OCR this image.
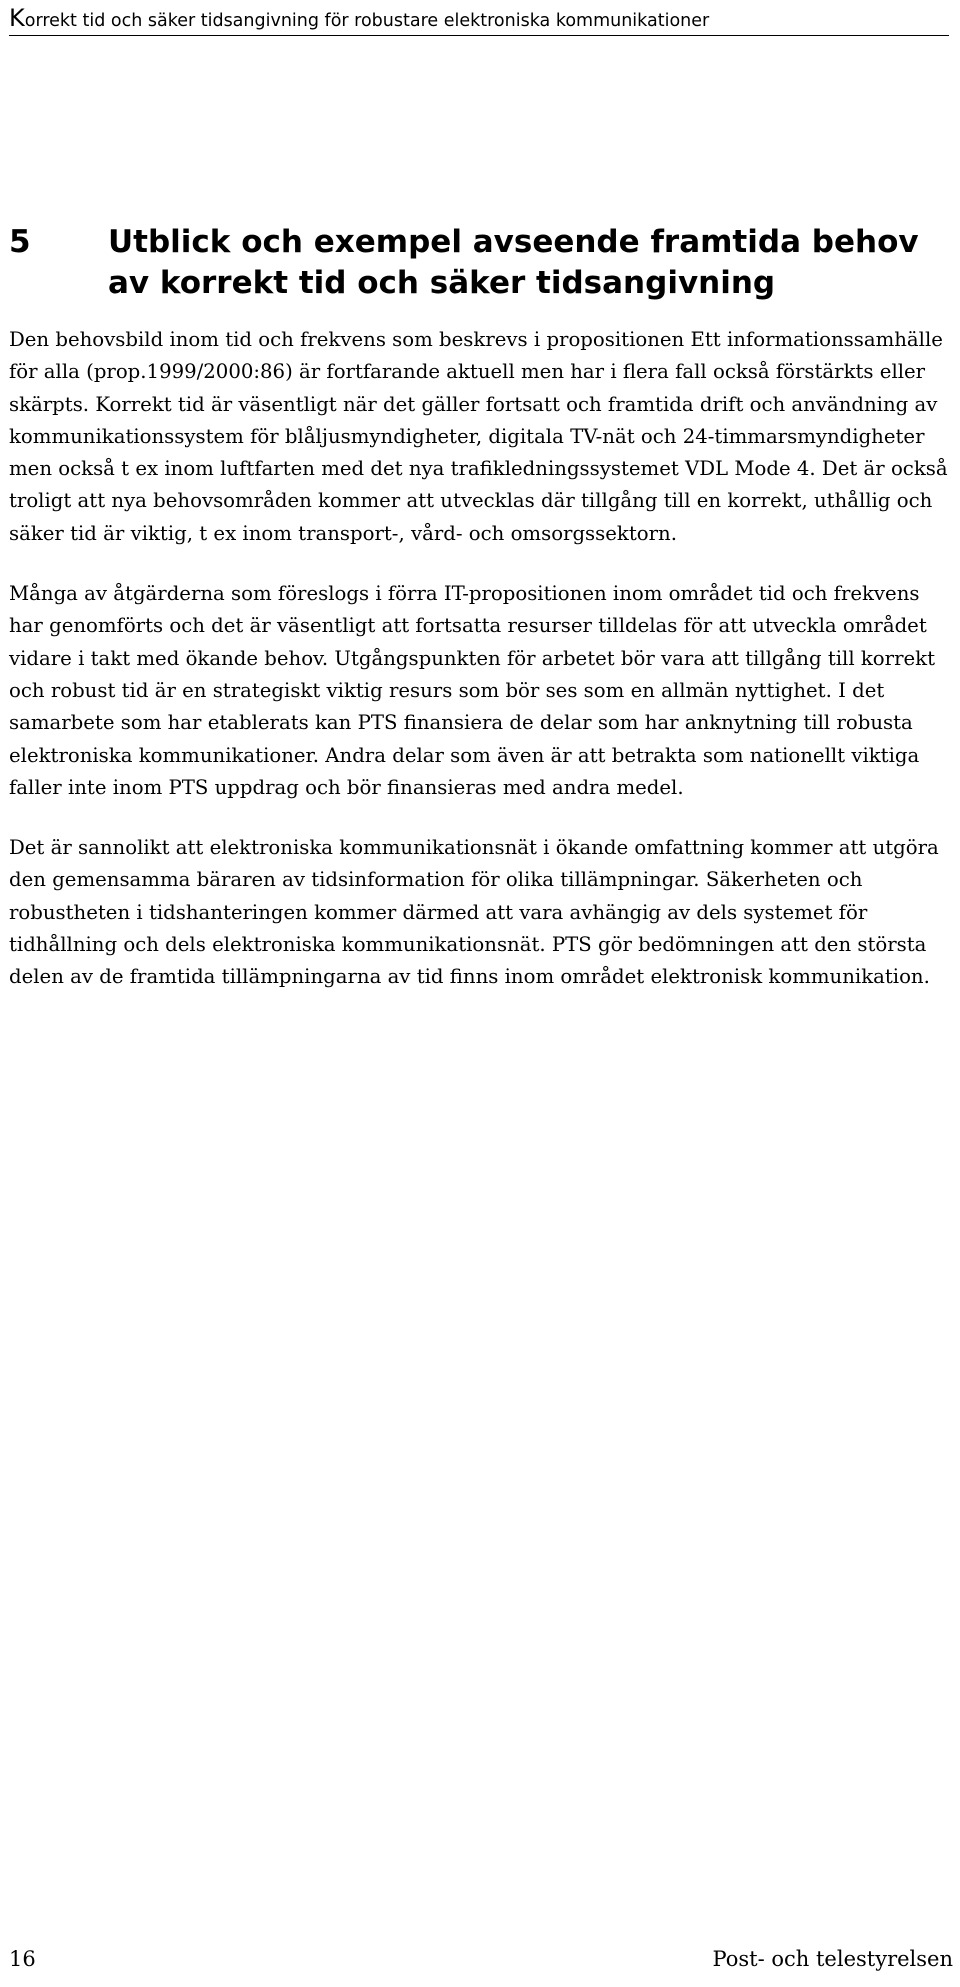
Korrekt tid och säker tidsangivning för robustare elektroniska kommunikationer
5	Utblick och exempel avseende framtida behov av korrekt tid och säker tidsangivning

Den behovsbild inom tid och frekvens som beskrevs i propositionen Ett informationssamhälle för alla (prop.1999/2000:86) är fortfarande aktuell men har i flera fall också förstärkts eller skärpts. Korrekt tid är väsentligt när det gäller fortsatt och framtida drift och användning av kommunikationssystem för blåljusmyndigheter, digitala TV-nät och 24-timmarsmyndigheter men också t ex inom luftfarten med det nya trafikledningssystemet VDL Mode 4. Det är också troligt att nya behovsområden kommer att utvecklas där tillgång till en korrekt, uthållig och säker tid är viktig, t ex inom transport-, vård- och omsorgssektorn.

Många av åtgärderna som föreslogs i förra IT-propositionen inom området tid och frekvens har genomförts och det är väsentligt att fortsatta resurser tilldelas för att utveckla området vidare i takt med ökande behov. Utgångspunkten för arbetet bör vara att tillgång till korrekt och robust tid är en strategiskt viktig resurs som bör ses som en allmän nyttighet. I det samarbete som har etablerats kan PTS finansiera de delar som har anknytning till robusta elektroniska kommunikationer. Andra delar som även är att betrakta som nationellt viktiga faller inte inom PTS uppdrag och bör finansieras med andra medel.

Det är sannolikt att elektroniska kommunikationsnät i ökande omfattning kommer att utgöra den gemensamma bäraren av tidsinformation för olika tillämpningar. Säkerheten och robustheten i tidshanteringen kommer därmed att vara avhängig av dels systemet för tidhållning och dels elektroniska kommunikationsnät. PTS gör bedömningen att den största delen av de framtida tillämpningarna av tid finns inom området elektronisk kommunikation.

16	Post- och telestyrelsen
